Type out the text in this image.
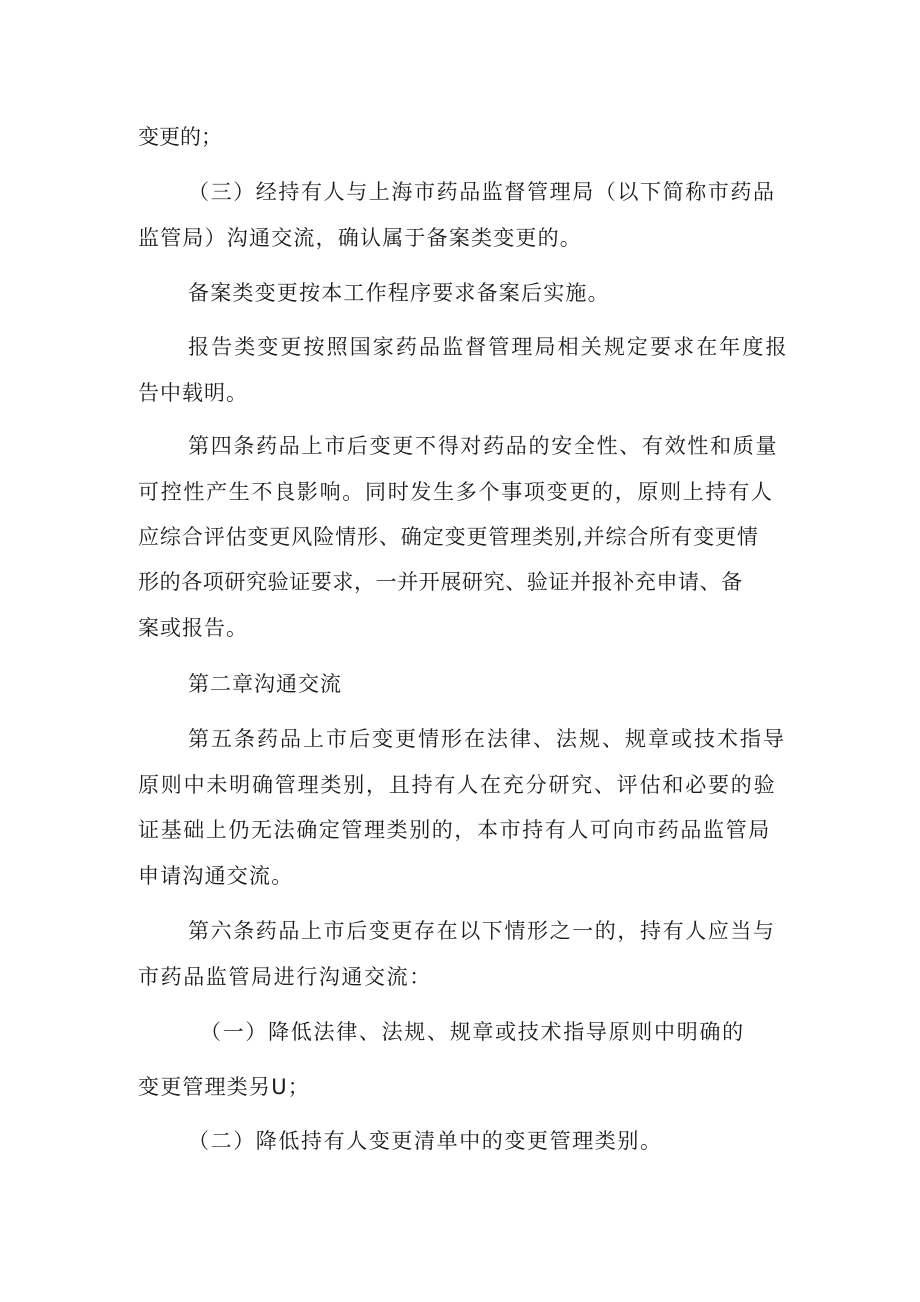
变更的；
（三）经持有人与上海市药品监督管理局（以下简称市药品
监管局）沟通交流，确认属于备案类变更的。
备案类变更按本工作程序要求备案后实施。
报告类变更按照国家药品监督管理局相关规定要求在年度报
告中载明。
第四条药品上市后变更不得对药品的安全性、有效性和质量
可控性产生不良影响。同时发生多个事项变更的，原则上持有人
应综合评估变更风险情形、确定变更管理类别,并综合所有变更情
形的各项研究验证要求，一并开展研究、验证并报补充申请、备
案或报告。
第二章沟通交流
第五条药品上市后变更情形在法律、法规、规章或技术指导
原则中未明确管理类别，且持有人在充分研究、评估和必要的验
证基础上仍无法确定管理类别的，本市持有人可向市药品监管局
申请沟通交流。
第六条药品上市后变更存在以下情形之一的，持有人应当与
市药品监管局进行沟通交流：
（一）降低法律、法规、规章或技术指导原则中明确的
变更管理类另U；
（二）降低持有人变更清单中的变更管理类别。
